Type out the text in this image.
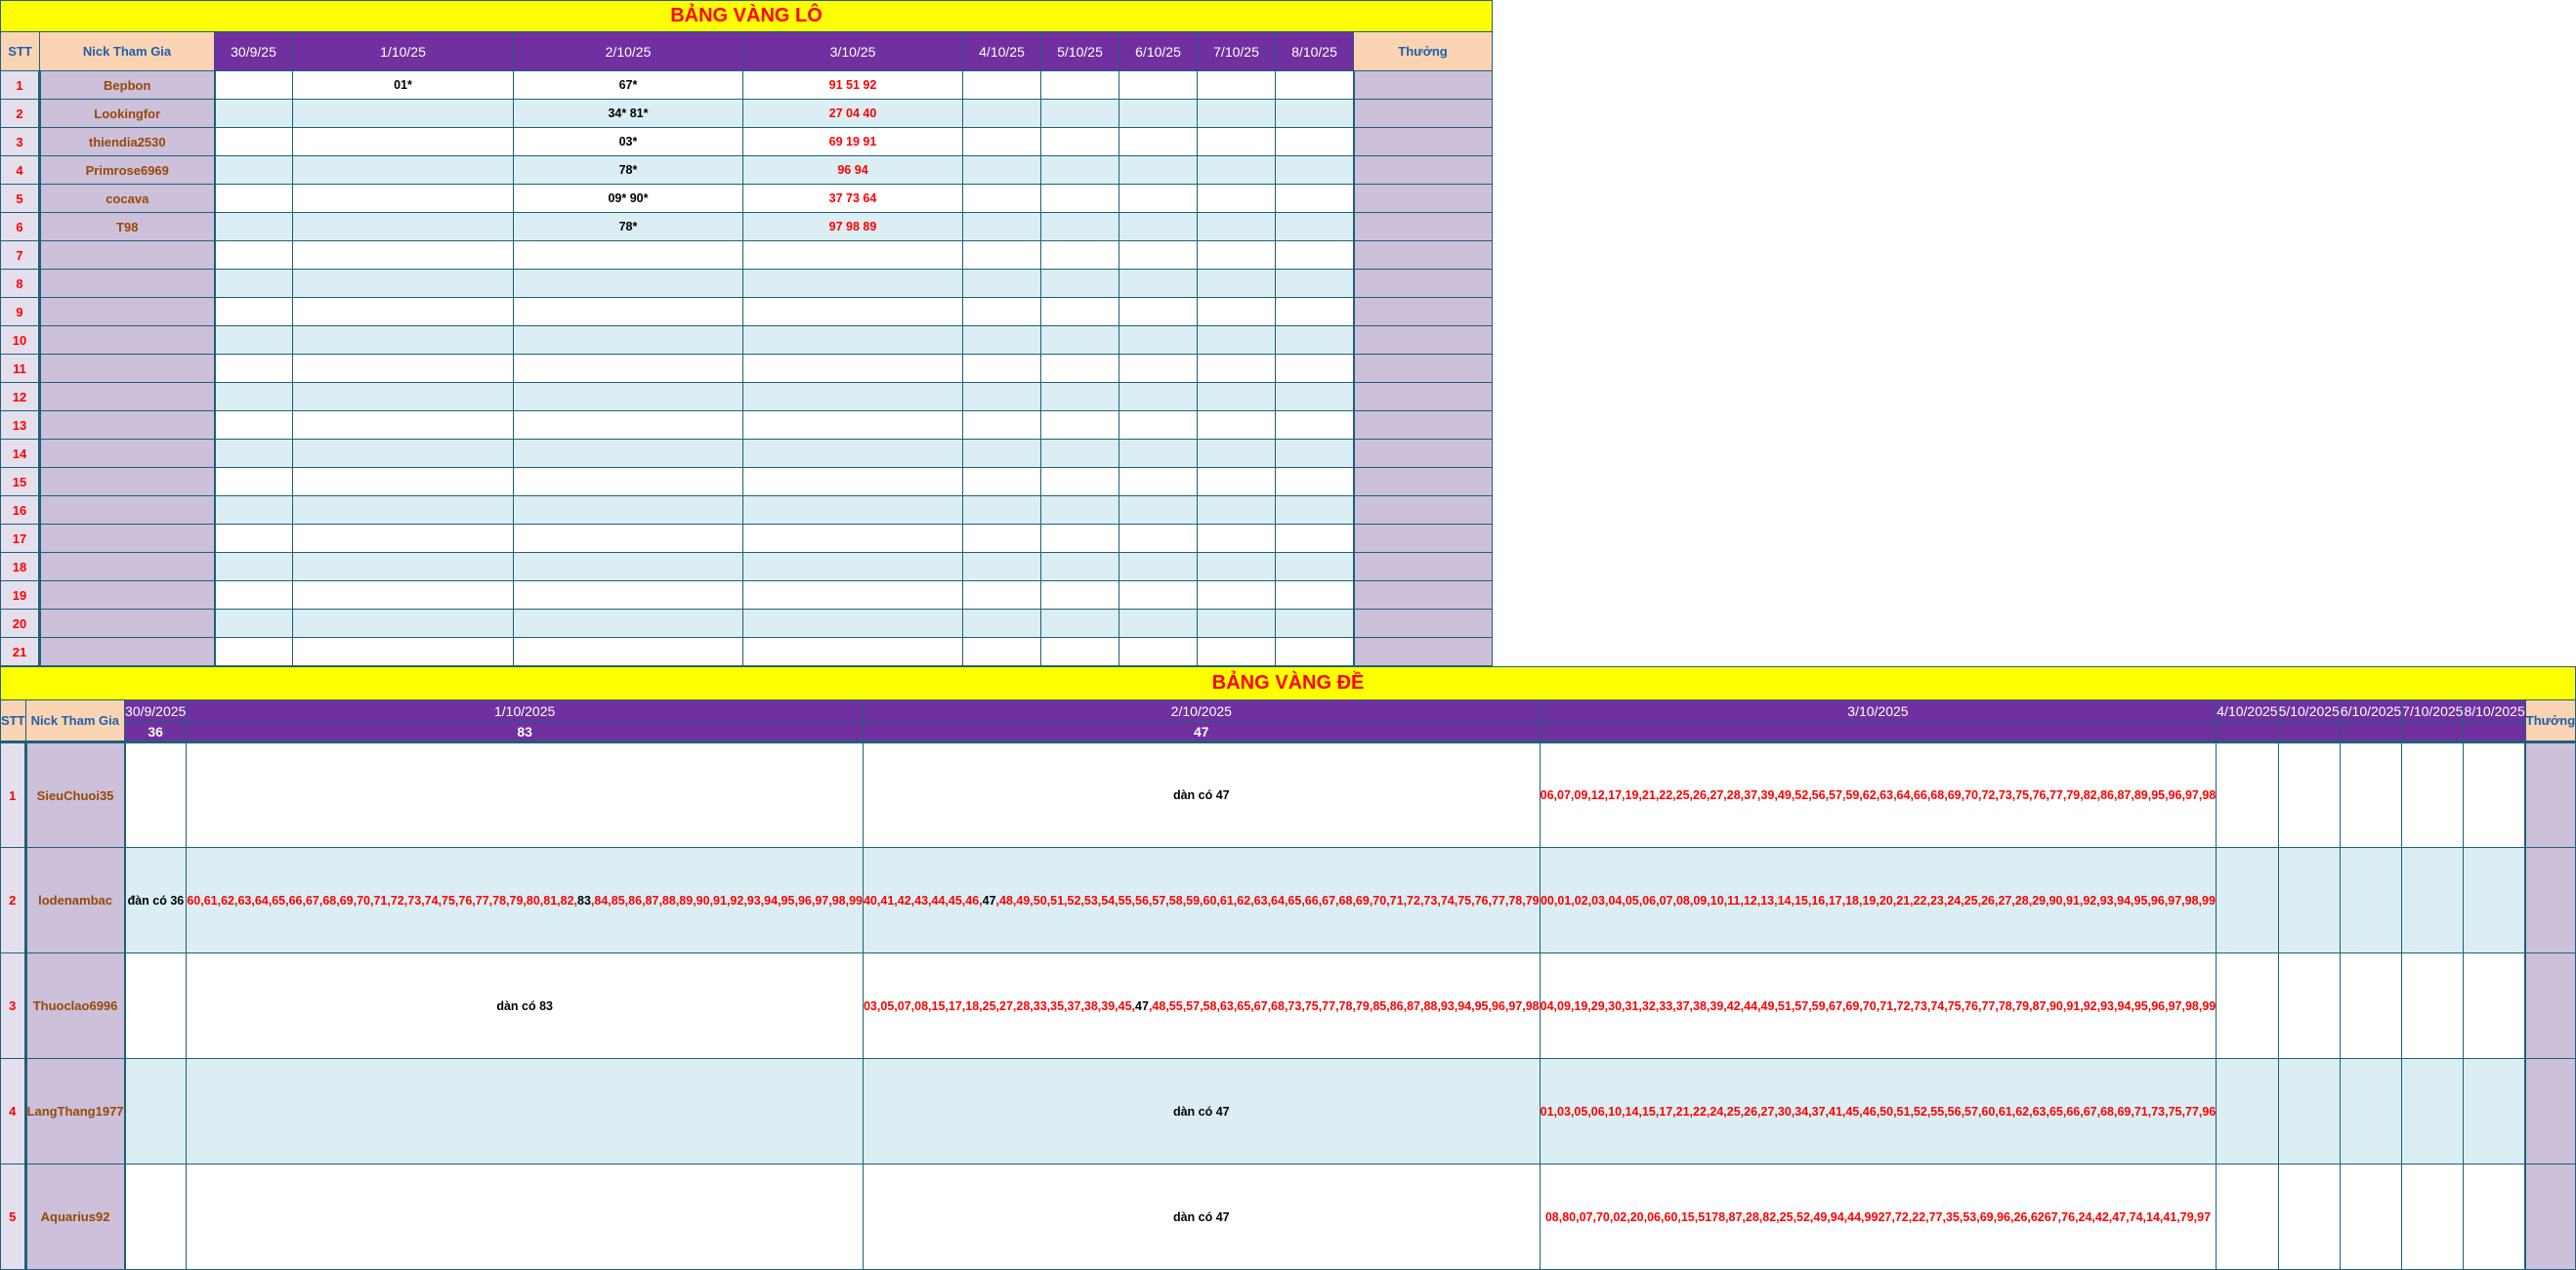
BẢNG VÀNG LÔ											
STT	Nick Tham Gia	30/9/25	1/10/25	2/10/25	3/10/25	4/10/25	5/10/25	6/10/25	7/10/25	8/10/25	Thưởng
1	Bepbon		01*	67*	91 51 92						
2	Lookingfor			34* 81*	27 04 40						
3	thiendia2530			03*	69 19 91						
4	Primrose6969			78*	96 94						
5	cocava			09* 90*	37 73 64						
6	T98			78*	97 98 89						
7											
8											
9											
10											
11											
12											
13											
14											
15											
16											
17											
18											
19											
20											
21											
BẢNG VÀNG ĐỀ											
STT	Nick Tham Gia	30/9/2025	1/10/2025	2/10/2025	3/10/2025	4/10/2025	5/10/2025	6/10/2025	7/10/2025	8/10/2025	Thưởng
		36	83	47							
1	SieuChuoi35			dàn có 47	06,07,09,12,17,19,21,22,25,26,27,28,37,39,49,52,56,57,59,62,63,64,66,68,69,70,72,73,75,76,77,79,82,86,87,89,95,96,97,98						
2	lodenambac	đàn có 36	60,61,62,63,64,65,66,67,68,69,70,71,72,73,74,75,76,77,78,79,80,81,82,83,84,85,86,87,88,89,90,91,92,93,94,95,96,97,98,99	40,41,42,43,44,45,46,47,48,49,50,51,52,53,54,55,56,57,58,59,60,61,62,63,64,65,66,67,68,69,70,71,72,73,74,75,76,77,78,79	00,01,02,03,04,05,06,07,08,09,10,11,12,13,14,15,16,17,18,19,20,21,22,23,24,25,26,27,28,29,90,91,92,93,94,95,96,97,98,99						
3	Thuoclao6996		dàn có 83	03,05,07,08,15,17,18,25,27,28,33,35,37,38,39,45,47,48,55,57,58,63,65,67,68,73,75,77,78,79,85,86,87,88,93,94,95,96,97,98	04,09,19,29,30,31,32,33,37,38,39,42,44,49,51,57,59,67,69,70,71,72,73,74,75,76,77,78,79,87,90,91,92,93,94,95,96,97,98,99						
4	LangThang1977			dàn có 47	01,03,05,06,10,14,15,17,21,22,24,25,26,27,30,34,37,41,45,46,50,51,52,55,56,57,60,61,62,63,65,66,67,68,69,71,73,75,77,96						
5	Aquarius92			dàn có 47	08,80,07,70,02,20,06,60,15,5178,87,28,82,25,52,49,94,44,9927,72,22,77,35,53,69,96,26,6267,76,24,42,47,74,14,41,79,97						
